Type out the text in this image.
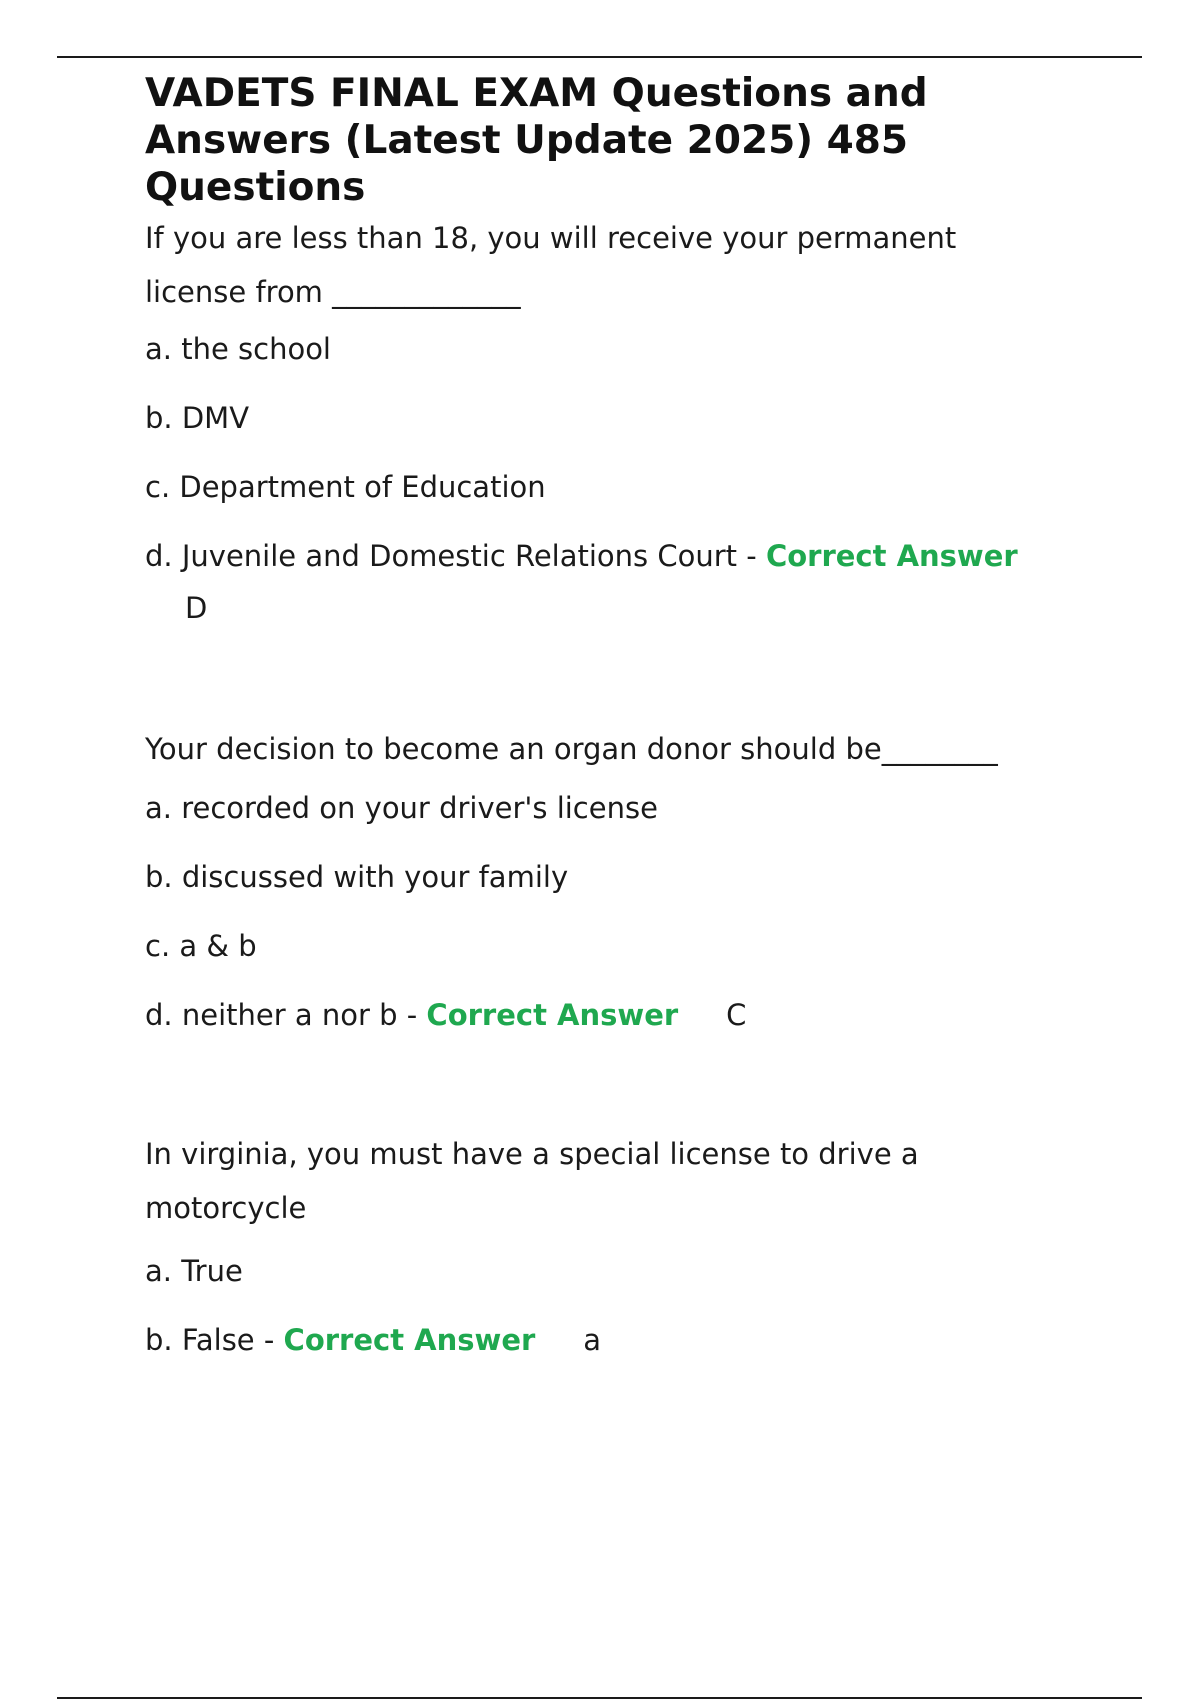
VADETS FINAL EXAM Questions and Answers (Latest Update 2025) 485 Questions

If you are less than 18, you will receive your permanent license from _____________

a. the school

b. DMV

c. Department of Education

d. Juvenile and Domestic Relations Court - Correct Answer

D

Your decision to become an organ donor should be________

a. recorded on your driver's license

b. discussed with your family

c. a & b

d. neither a nor b - Correct Answer C

In virginia, you must have a special license to drive a motorcycle

a. True

b. False - Correct Answer a
